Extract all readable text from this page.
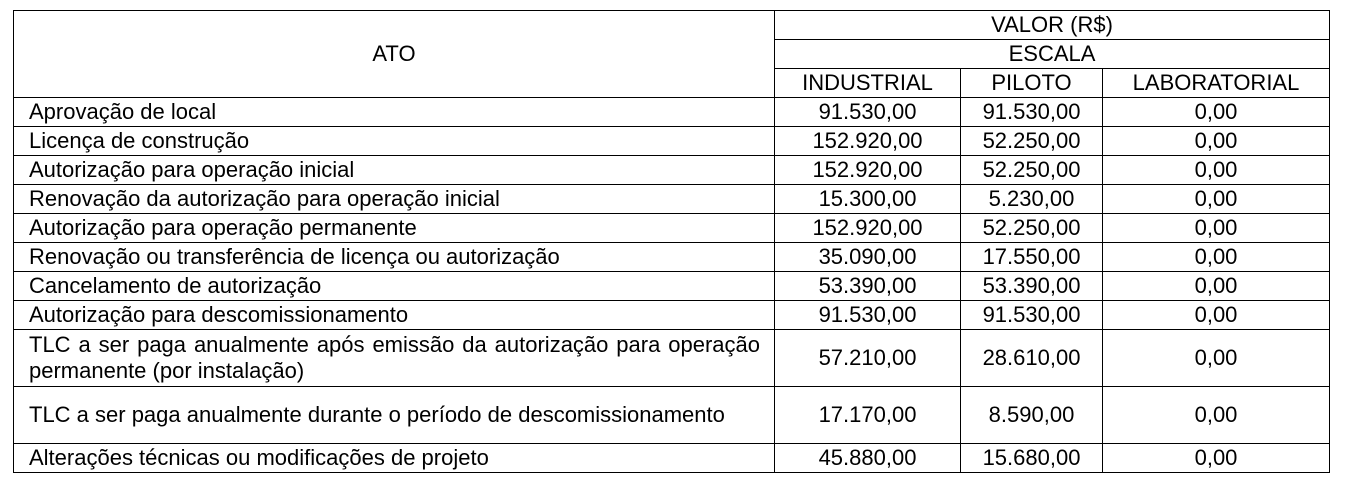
ATO	VALOR (R$)		
	ESCALA		
	INDUSTRIAL	PILOTO	LABORATORIAL
Aprovação de local	91.530,00	91.530,00	0,00
Licença de construção	152.920,00	52.250,00	0,00
Autorização para operação inicial	152.920,00	52.250,00	0,00
Renovação da autorização para operação inicial	15.300,00	5.230,00	0,00
Autorização para operação permanente	152.920,00	52.250,00	0,00
Renovação ou transferência de licença ou autorização	35.090,00	17.550,00	0,00
Cancelamento de autorização	53.390,00	53.390,00	0,00
Autorização para descomissionamento	91.530,00	91.530,00	0,00
TLC a ser paga anualmente após emissão da autorização para operação permanente (por instalação)	57.210,00	28.610,00	0,00
TLC a ser paga anualmente durante o período de descomissionamento	17.170,00	8.590,00	0,00
Alterações técnicas ou modificações de projeto	45.880,00	15.680,00	0,00
